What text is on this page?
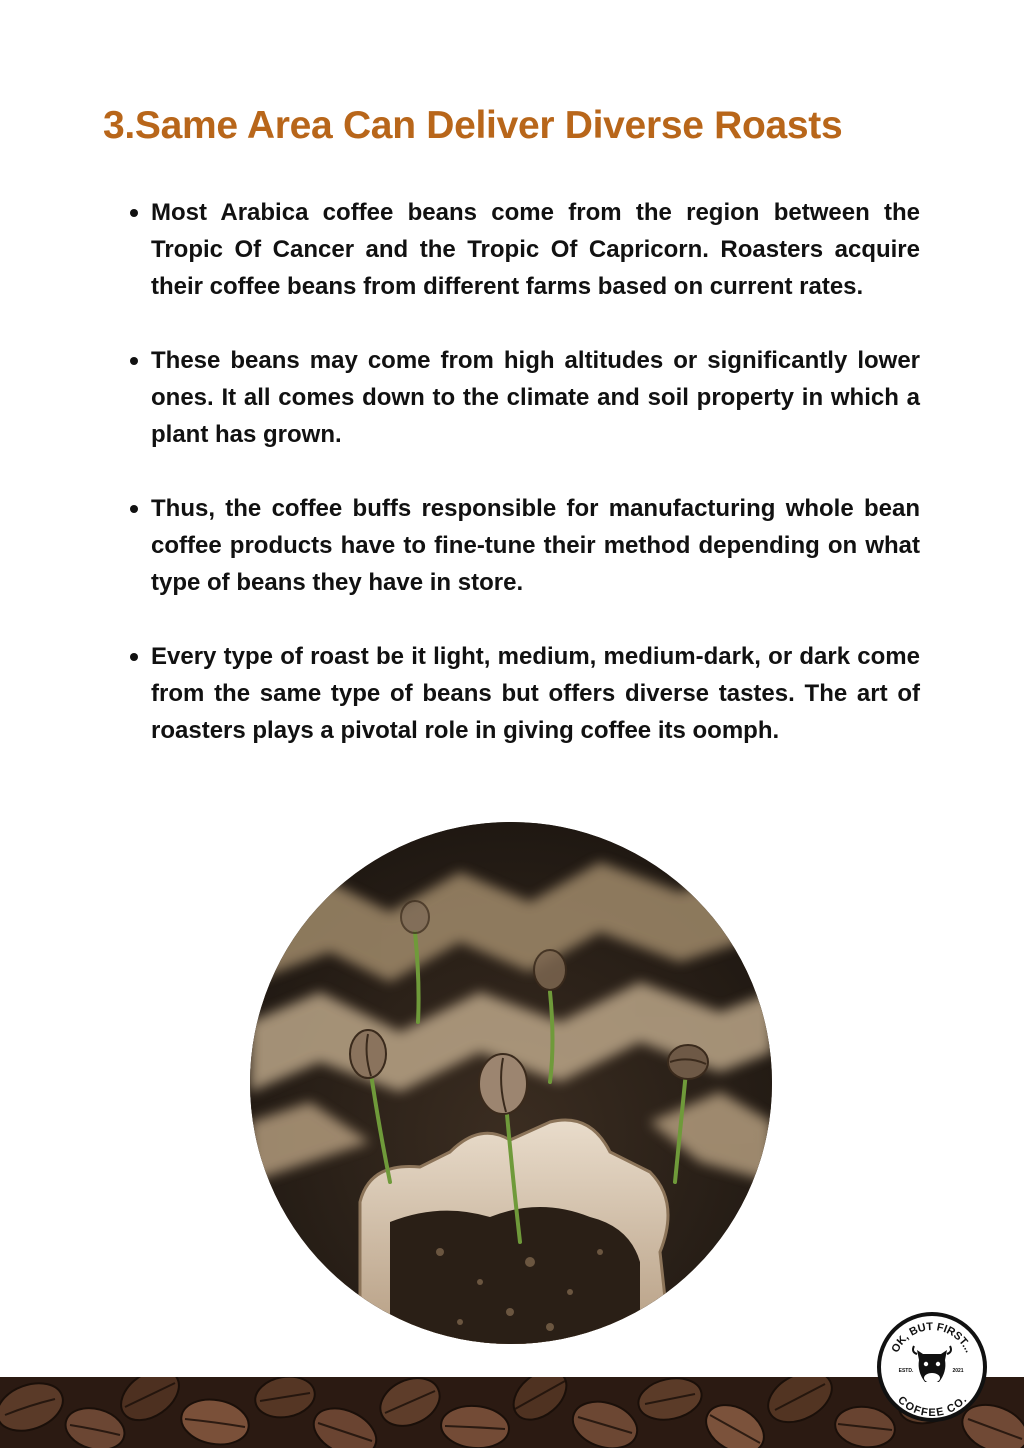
3.Same Area Can Deliver Diverse Roasts
Most Arabica coffee beans come from the region between the Tropic Of Cancer and the Tropic Of Capricorn. Roasters acquire their coffee beans from different farms based on current rates.
These beans may come from high altitudes or significantly lower ones. It all comes down to the climate and soil property in which a plant has grown.
Thus, the coffee buffs responsible for manufacturing whole bean coffee products have to fine-tune their method depending on what type of beans they have in store.
Every type of roast be it light, medium, medium-dark, or dark come from the same type of beans but offers diverse tastes. The art of roasters plays a pivotal role in giving coffee its oomph.
OK, BUT FIRST...
COFFEE CO.
ESTD.	2021
